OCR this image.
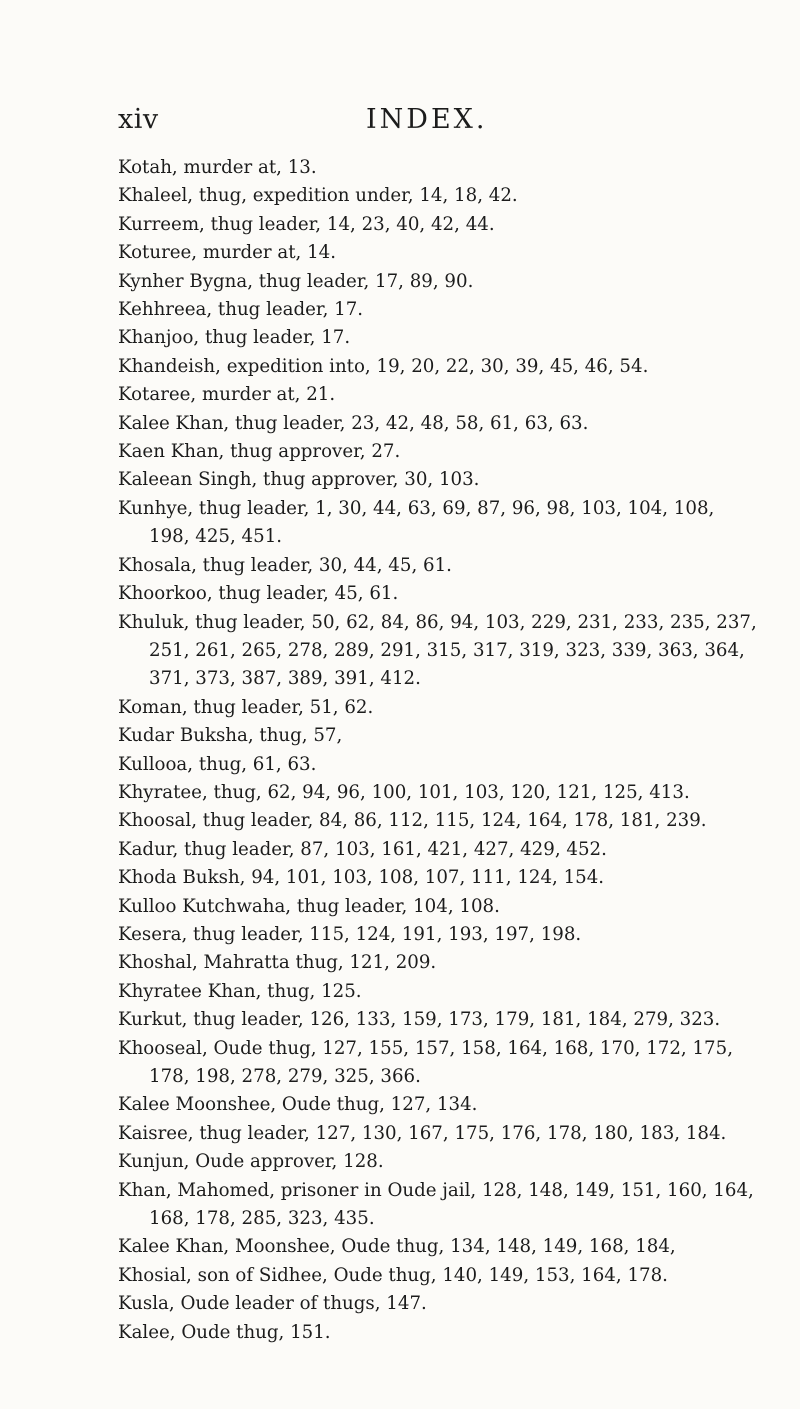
xiv	INDEX.
Kotah, murder at, 13.
Khaleel, thug, expedition under, 14, 18, 42.
Kurreem, thug leader, 14, 23, 40, 42, 44.
Koturee, murder at, 14.
Kynher Bygna, thug leader, 17, 89, 90.
Kehhreea, thug leader, 17.
Khanjoo, thug leader, 17.
Khandeish, expedition into, 19, 20, 22, 30, 39, 45, 46, 54.
Kotaree, murder at, 21.
Kalee Khan, thug leader, 23, 42, 48, 58, 61, 63, 63.
Kaen Khan, thug approver, 27.
Kaleean Singh, thug approver, 30, 103.
Kunhye, thug leader, 1, 30, 44, 63, 69, 87, 96, 98, 103, 104, 108, 198, 425, 451.
Khosala, thug leader, 30, 44, 45, 61.
Khoorkoo, thug leader, 45, 61.
Khuluk, thug leader, 50, 62, 84, 86, 94, 103, 229, 231, 233, 235, 237, 251, 261, 265, 278, 289, 291, 315, 317, 319, 323, 339, 363, 364, 371, 373, 387, 389, 391, 412.
Koman, thug leader, 51, 62.
Kudar Buksha, thug, 57,
Kullooa, thug, 61, 63.
Khyratee, thug, 62, 94, 96, 100, 101, 103, 120, 121, 125, 413.
Khoosal, thug leader, 84, 86, 112, 115, 124, 164, 178, 181, 239.
Kadur, thug leader, 87, 103, 161, 421, 427, 429, 452.
Khoda Buksh, 94, 101, 103, 108, 107, 111, 124, 154.
Kulloo Kutchwaha, thug leader, 104, 108.
Kesera, thug leader, 115, 124, 191, 193, 197, 198.
Khoshal, Mahratta thug, 121, 209.
Khyratee Khan, thug, 125.
Kurkut, thug leader, 126, 133, 159, 173, 179, 181, 184, 279, 323.
Khooseal, Oude thug, 127, 155, 157, 158, 164, 168, 170, 172, 175, 178, 198, 278, 279, 325, 366.
Kalee Moonshee, Oude thug, 127, 134.
Kaisree, thug leader, 127, 130, 167, 175, 176, 178, 180, 183, 184.
Kunjun, Oude approver, 128.
Khan, Mahomed, prisoner in Oude jail, 128, 148, 149, 151, 160, 164, 168, 178, 285, 323, 435.
Kalee Khan, Moonshee, Oude thug, 134, 148, 149, 168, 184,
Khosial, son of Sidhee, Oude thug, 140, 149, 153, 164, 178.
Kusla, Oude leader of thugs, 147.
Kalee, Oude thug, 151.
